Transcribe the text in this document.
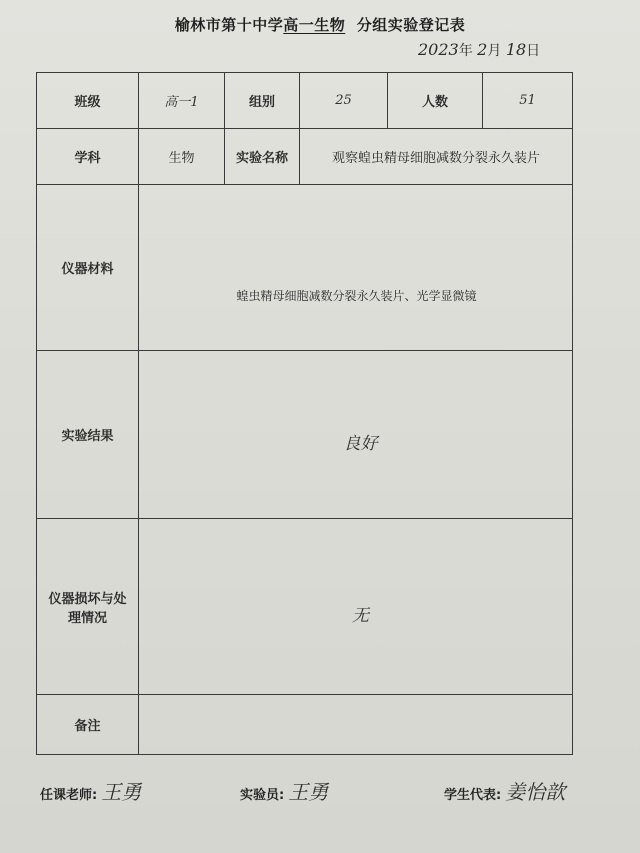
榆林市第十中学高一生物 分组实验登记表
2023年 2月 18日
班级	高一1	组别	25	人数	51
学科	生物	实验名称	观察蝗虫精母细胞减数分裂永久装片		
仪器材料	蝗虫精母细胞减数分裂永久装片、光学显微镜				

实验结果	良好				

仪器损坏与处
理情况	无				

备注					
任课老师: 王勇	实验员: 王勇	学生代表: 姜怡歆
